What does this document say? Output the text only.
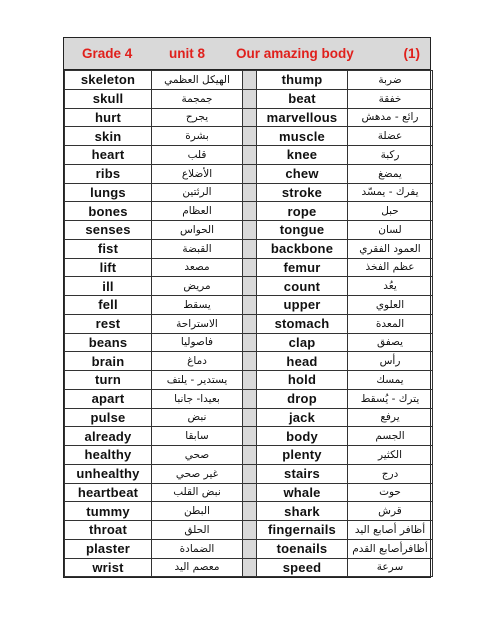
Grade 4	unit 8 Our amazing body	(1)
skeleton	الهيكل العظمي		thump	ضربة
skull	جمجمة		beat	خفقة
hurt	يجرح		marvellous	رائع - مدهش
skin	بشرة		muscle	عضلة
heart	قلب		knee	ركبة
ribs	الأضلاع		chew	يمضغ
lungs	الرئتين		stroke	يفرك - يمسّد
bones	العظام		rope	حبل
senses	الحواس		tongue	لسان
fist	القبضة		backbone	العمود الفقري
lift	مصعد		femur	عظم الفخذ
ill	مريض		count	يعُد
fell	يسقط		upper	العلوي
rest	الاستراحة		stomach	المعدة
beans	فاصوليا		clap	يصفق
brain	دماغ		head	رأس
turn	يستدير - يلتف		hold	يمسك
apart	بعيدا- جانبا		drop	يترك - يُسقط
pulse	نبض		jack	يرفع
already	سابقا		body	الجسم
healthy	صحي		plenty	الكثير
unhealthy	غير صحي		stairs	درج
heartbeat	نبض القلب		whale	حوت
tummy	البطن		shark	قرش
throat	الحلق		fingernails	أظافر أصابع اليد
plaster	الضمادة		toenails	أظافرأصابع القدم
wrist	معصم اليد		speed	سرعة
